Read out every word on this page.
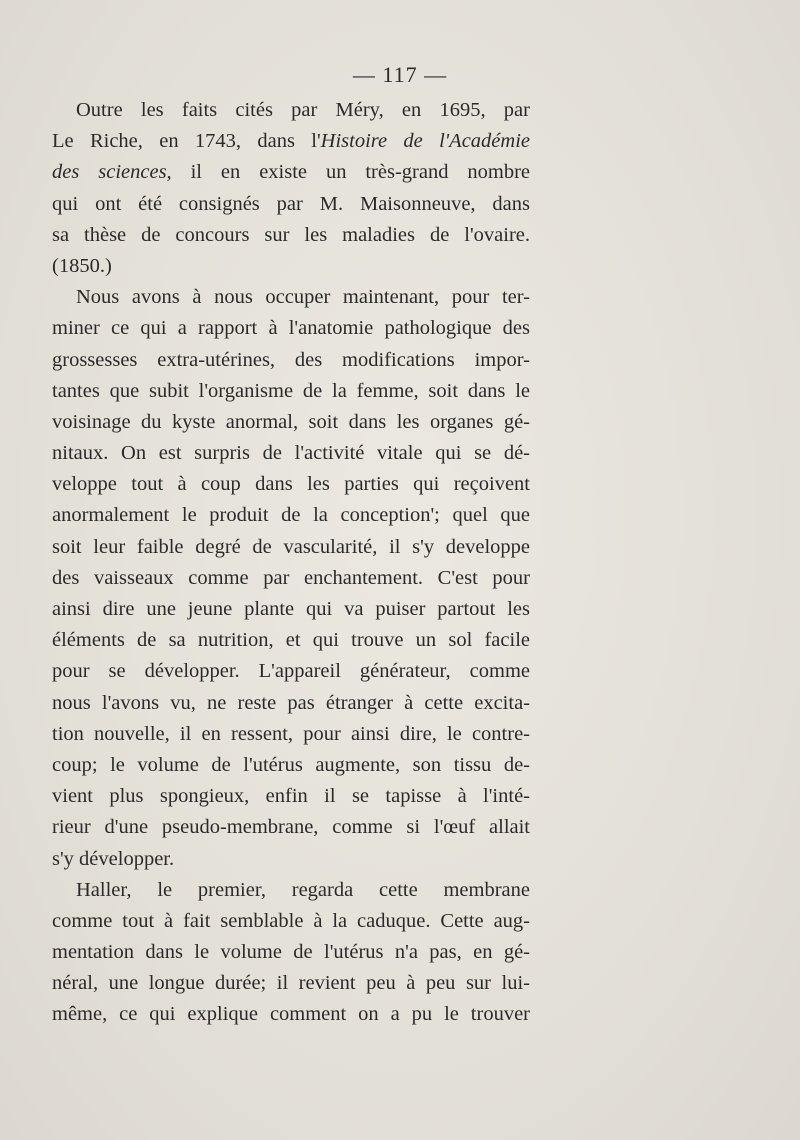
— 117 —
Outre les faits cités par Méry, en 1695, par
Le Riche, en 1743, dans l'Histoire de l'Académie
des sciences, il en existe un très-grand nombre
qui ont été consignés par M. Maisonneuve, dans
sa thèse de concours sur les maladies de l'ovaire.
(1850.)
Nous avons à nous occuper maintenant, pour ter-
miner ce qui a rapport à l'anatomie pathologique des
grossesses extra-utérines, des modifications impor-
tantes que subit l'organisme de la femme, soit dans le
voisinage du kyste anormal, soit dans les organes gé-
nitaux. On est surpris de l'activité vitale qui se dé-
veloppe tout à coup dans les parties qui reçoivent
anormalement le produit de la conception'; quel que
soit leur faible degré de vascularité, il s'y developpe
des vaisseaux comme par enchantement. C'est pour
ainsi dire une jeune plante qui va puiser partout les
éléments de sa nutrition, et qui trouve un sol facile
pour se développer. L'appareil générateur, comme
nous l'avons vu, ne reste pas étranger à cette excita-
tion nouvelle, il en ressent, pour ainsi dire, le contre-
coup; le volume de l'utérus augmente, son tissu de-
vient plus spongieux, enfin il se tapisse à l'inté-
rieur d'une pseudo-membrane, comme si l'œuf allait
s'y développer.
Haller, le premier, regarda cette membrane
comme tout à fait semblable à la caduque. Cette aug-
mentation dans le volume de l'utérus n'a pas, en gé-
néral, une longue durée; il revient peu à peu sur lui-
même, ce qui explique comment on a pu le trouver
